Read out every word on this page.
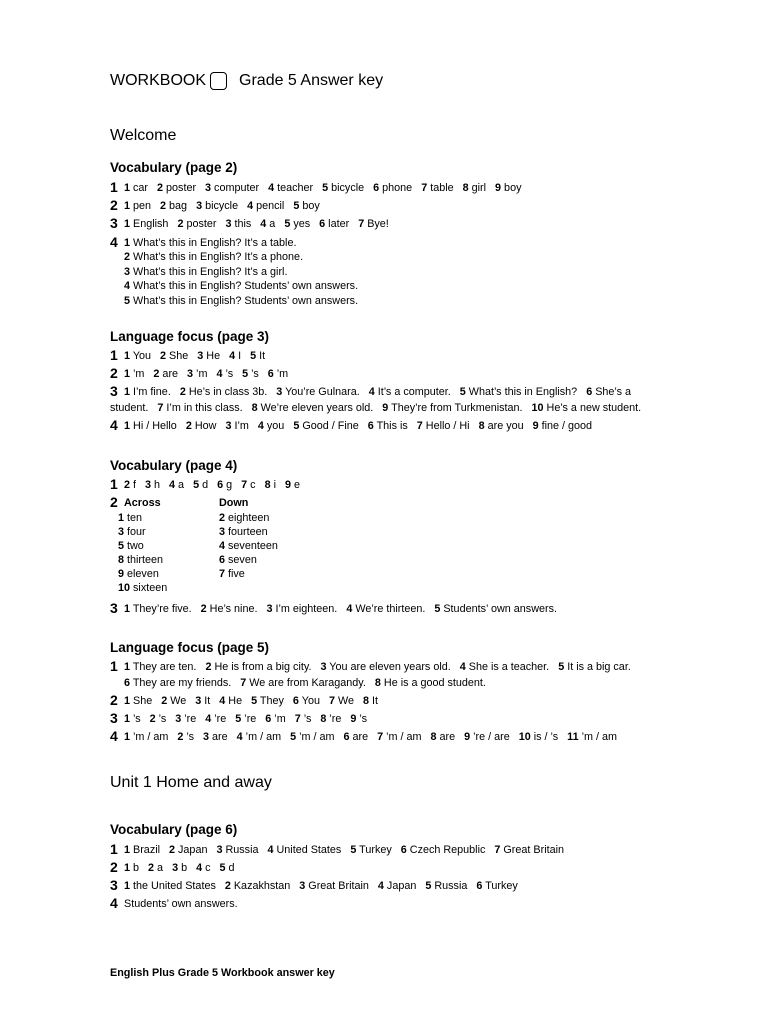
WORKBOOK Grade 5 Answer key
Welcome
Vocabulary (page 2)
1 1 car 2 poster 3 computer 4 teacher 5 bicycle 6 phone 7 table 8 girl 9 boy
2 1 pen 2 bag 3 bicycle 4 pencil 5 boy
3 1 English 2 poster 3 this 4 a 5 yes 6 later 7 Bye!
4 1 What’s this in English? It’s a table.
2 What’s this in English? It’s a phone.
3 What’s this in English? It’s a girl.
4 What’s this in English? Students’ own answers.
5 What’s this in English? Students’ own answers.
Language focus (page 3)
1 1 You 2 She 3 He 4 I 5 It
2 1 ’m 2 are 3 ’m 4 ’s 5 ’s 6 ’m
3 1 I’m fine. 2 He’s in class 3b. 3 You’re Gulnara. 4 It’s a computer. 5 What’s this in English? 6 She’s a
student. 7 I’m in this class. 8 We’re eleven years old. 9 They’re from Turkmenistan. 10 He’s a new student.
4 1 Hi / Hello 2 How 3 I’m 4 you 5 Good / Fine 6 This is 7 Hello / Hi 8 are you 9 fine / good
Vocabulary (page 4)
1 2 f 3 h 4 a 5 d 6 g 7 c 8 i 9 e
2 Across	Down
1 ten
3 four
5 two
8 thirteen
9 eleven
10 sixteen
2 eighteen
3 fourteen
4 seventeen
6 seven
7 five
3 1 They’re five. 2 He’s nine. 3 I’m eighteen. 4 We’re thirteen. 5 Students’ own answers.
Language focus (page 5)
1 1 They are ten. 2 He is from a big city. 3 You are eleven years old. 4 She is a teacher. 5 It is a big car.
6 They are my friends. 7 We are from Karagandy. 8 He is a good student.
2 1 She 2 We 3 It 4 He 5 They 6 You 7 We 8 It
3 1 ’s 2 ’s 3 ’re 4 ’re 5 ’re 6 ’m 7 ’s 8 ’re 9 ’s
4 1 ’m / am 2 ’s 3 are 4 ’m / am 5 ’m / am 6 are 7 ’m / am 8 are 9 ’re / are 10 is / ’s 11 ’m / am
Unit 1 Home and away
Vocabulary (page 6)
1 1 Brazil 2 Japan 3 Russia 4 United States 5 Turkey 6 Czech Republic 7 Great Britain
2 1 b 2 a 3 b 4 c 5 d
3 1 the United States 2 Kazakhstan 3 Great Britain 4 Japan 5 Russia 6 Turkey
4 Students’ own answers.
English Plus Grade 5 Workbook answer key
